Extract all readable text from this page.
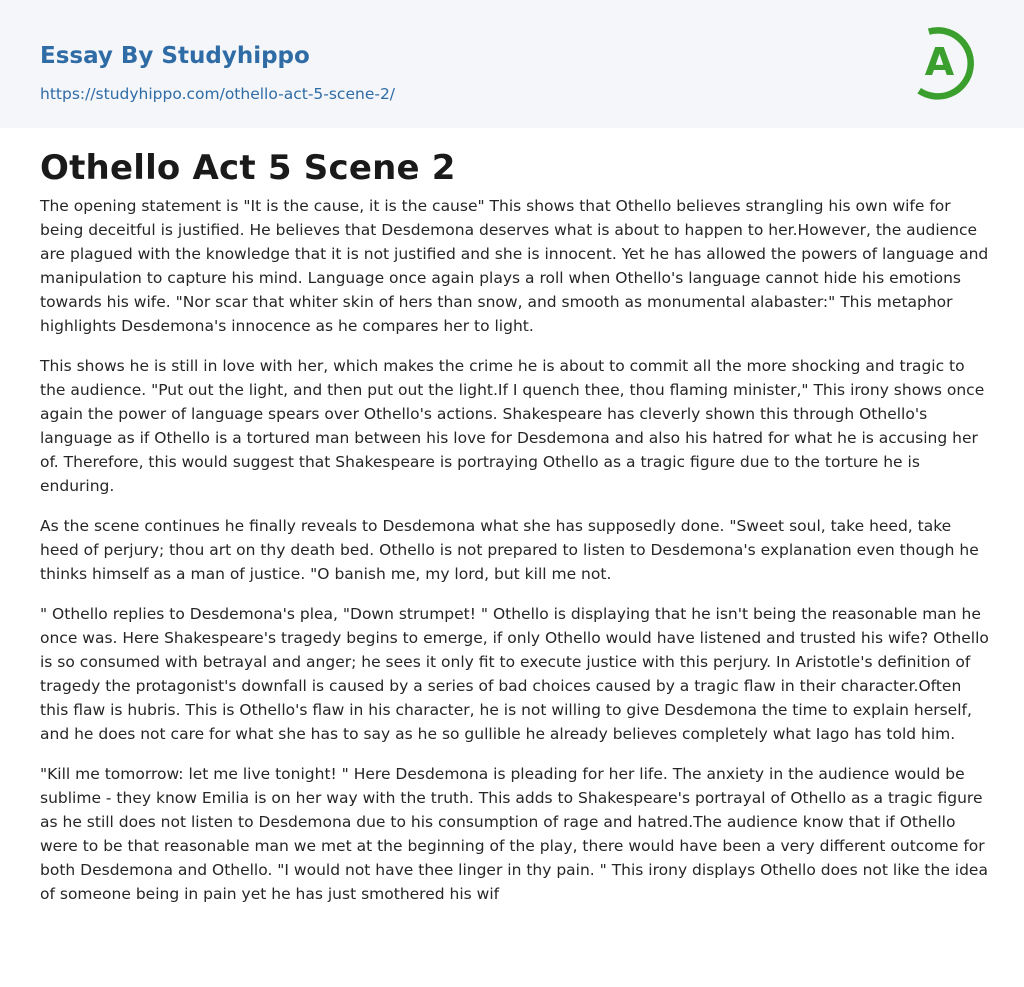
Essay By Studyhippo
https://studyhippo.com/othello-act-5-scene-2/
A
Othello Act 5 Scene 2

The opening statement is "It is the cause, it is the cause" This shows that Othello believes strangling his own wife for being deceitful is justified. He believes that Desdemona deserves what is about to happen to her.However, the audience are plagued with the knowledge that it is not justified and she is innocent. Yet he has allowed the powers of language and manipulation to capture his mind. Language once again plays a roll when Othello's language cannot hide his emotions towards his wife. "Nor scar that whiter skin of hers than snow, and smooth as monumental alabaster:" This metaphor highlights Desdemona's innocence as he compares her to light.

This shows he is still in love with her, which makes the crime he is about to commit all the more shocking and tragic to the audience. "Put out the light, and then put out the light.If I quench thee, thou flaming minister," This irony shows once again the power of language spears over Othello's actions. Shakespeare has cleverly shown this through Othello's language as if Othello is a tortured man between his love for Desdemona and also his hatred for what he is accusing her of. Therefore, this would suggest that Shakespeare is portraying Othello as a tragic figure due to the torture he is enduring.

As the scene continues he finally reveals to Desdemona what she has supposedly done. "Sweet soul, take heed, take heed of perjury; thou art on thy death bed. Othello is not prepared to listen to Desdemona's explanation even though he thinks himself as a man of justice. "O banish me, my lord, but kill me not.

" Othello replies to Desdemona's plea, "Down strumpet! " Othello is displaying that he isn't being the reasonable man he once was. Here Shakespeare's tragedy begins to emerge, if only Othello would have listened and trusted his wife? Othello is so consumed with betrayal and anger; he sees it only fit to execute justice with this perjury. In Aristotle's definition of tragedy the protagonist's downfall is caused by a series of bad choices caused by a tragic flaw in their character.Often this flaw is hubris. This is Othello's flaw in his character, he is not willing to give Desdemona the time to explain herself, and he does not care for what she has to say as he so gullible he already believes completely what Iago has told him.

"Kill me tomorrow: let me live tonight! " Here Desdemona is pleading for her life. The anxiety in the audience would be sublime - they know Emilia is on her way with the truth. This adds to Shakespeare's portrayal of Othello as a tragic figure as he still does not listen to Desdemona due to his consumption of rage and hatred.The audience know that if Othello were to be that reasonable man we met at the beginning of the play, there would have been a very different outcome for both Desdemona and Othello. "I would not have thee linger in thy pain. " This irony displays Othello does not like the idea of someone being in pain yet he has just smothered his wif
